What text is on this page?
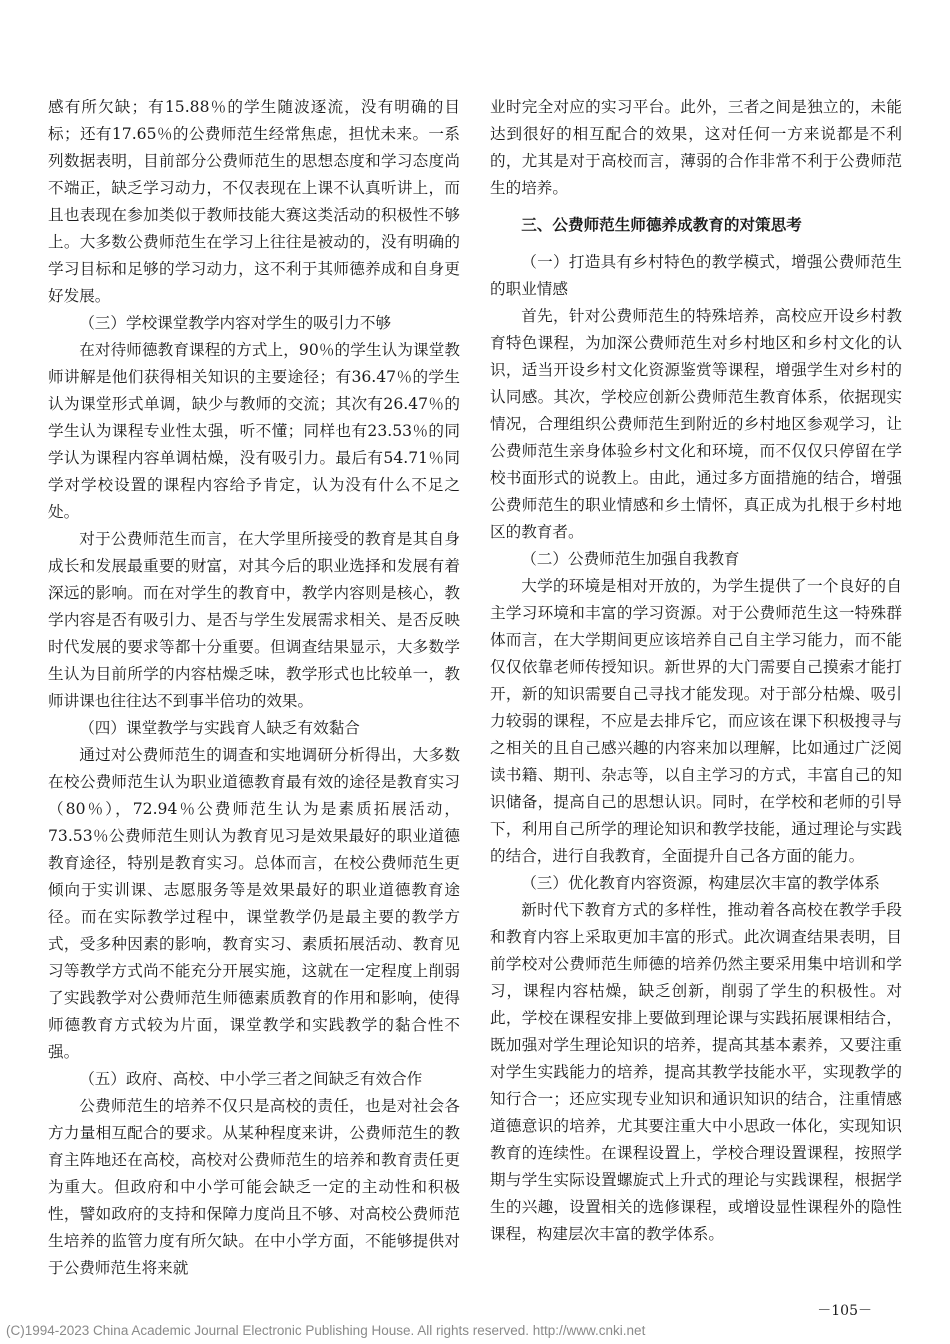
感有所欠缺；有15.88％的学生随波逐流，没有明确的目标；还有17.65％的公费师范生经常焦虑，担忧未来。一系列数据表明，目前部分公费师范生的思想态度和学习态度尚不端正，缺乏学习动力，不仅表现在上课不认真听讲上，而且也表现在参加类似于教师技能大赛这类活动的积极性不够上。大多数公费师范生在学习上往往是被动的，没有明确的学习目标和足够的学习动力，这不利于其师德养成和自身更好发展。

（三）学校课堂教学内容对学生的吸引力不够

在对待师德教育课程的方式上，90％的学生认为课堂教师讲解是他们获得相关知识的主要途径；有36.47％的学生认为课堂形式单调，缺少与教师的交流；其次有26.47％的学生认为课程专业性太强，听不懂；同样也有23.53％的同学认为课程内容单调枯燥，没有吸引力。最后有54.71％同学对学校设置的课程内容给予肯定，认为没有什么不足之处。

对于公费师范生而言，在大学里所接受的教育是其自身成长和发展最重要的财富，对其今后的职业选择和发展有着深远的影响。而在对学生的教育中，教学内容则是核心，教学内容是否有吸引力、是否与学生发展需求相关、是否反映时代发展的要求等都十分重要。但调查结果显示，大多数学生认为目前所学的内容枯燥乏味，教学形式也比较单一，教师讲课也往往达不到事半倍功的效果。

（四）课堂教学与实践育人缺乏有效黏合

通过对公费师范生的调查和实地调研分析得出，大多数在校公费师范生认为职业道德教育最有效的途径是教育实习（80％），72.94％公费师范生认为是素质拓展活动，73.53％公费师范生则认为教育见习是效果最好的职业道德教育途径，特别是教育实习。总体而言，在校公费师范生更倾向于实训课、志愿服务等是效果最好的职业道德教育途径。而在实际教学过程中，课堂教学仍是最主要的教学方式，受多种因素的影响，教育实习、素质拓展活动、教育见习等教学方式尚不能充分开展实施，这就在一定程度上削弱了实践教学对公费师范生师德素质教育的作用和影响，使得师德教育方式较为片面，课堂教学和实践教学的黏合性不强。

（五）政府、高校、中小学三者之间缺乏有效合作

公费师范生的培养不仅只是高校的责任，也是对社会各方力量相互配合的要求。从某种程度来讲，公费师范生的教育主阵地还在高校，高校对公费师范生的培养和教育责任更为重大。但政府和中小学可能会缺乏一定的主动性和积极性，譬如政府的支持和保障力度尚且不够、对高校公费师范生培养的监管力度有所欠缺。在中小学方面，不能够提供对于公费师范生将来就

业时完全对应的实习平台。此外，三者之间是独立的，未能达到很好的相互配合的效果，这对任何一方来说都是不利的，尤其是对于高校而言，薄弱的合作非常不利于公费师范生的培养。

三、公费师范生师德养成教育的对策思考
（一）打造具有乡村特色的教学模式，增强公费师范生的职业情感

首先，针对公费师范生的特殊培养，高校应开设乡村教育特色课程，为加深公费师范生对乡村地区和乡村文化的认识，适当开设乡村文化资源鉴赏等课程，增强学生对乡村的认同感。其次，学校应创新公费师范生教育体系，依据现实情况，合理组织公费师范生到附近的乡村地区参观学习，让公费师范生亲身体验乡村文化和环境，而不仅仅只停留在学校书面形式的说教上。由此，通过多方面措施的结合，增强公费师范生的职业情感和乡土情怀，真正成为扎根于乡村地区的教育者。

（二）公费师范生加强自我教育

大学的环境是相对开放的，为学生提供了一个良好的自主学习环境和丰富的学习资源。对于公费师范生这一特殊群体而言，在大学期间更应该培养自己自主学习能力，而不能仅仅依靠老师传授知识。新世界的大门需要自己摸索才能打开，新的知识需要自己寻找才能发现。对于部分枯燥、吸引力较弱的课程，不应是去排斥它，而应该在课下积极搜寻与之相关的且自己感兴趣的内容来加以理解，比如通过广泛阅读书籍、期刊、杂志等，以自主学习的方式，丰富自己的知识储备，提高自己的思想认识。同时，在学校和老师的引导下，利用自己所学的理论知识和教学技能，通过理论与实践的结合，进行自我教育，全面提升自己各方面的能力。

（三）优化教育内容资源，构建层次丰富的教学体系

新时代下教育方式的多样性，推动着各高校在教学手段和教育内容上采取更加丰富的形式。此次调查结果表明，目前学校对公费师范生师德的培养仍然主要采用集中培训和学习，课程内容枯燥，缺乏创新，削弱了学生的积极性。对此，学校在课程安排上要做到理论课与实践拓展课相结合，既加强对学生理论知识的培养，提高其基本素养，又要注重对学生实践能力的培养，提高其教学技能水平，实现教学的知行合一；还应实现专业知识和通识知识的结合，注重情感道德意识的培养，尤其要注重大中小思政一体化，实现知识教育的连续性。在课程设置上，学校合理设置课程，按照学期与学生实际设置螺旋式上升式的理论与实践课程，根据学生的兴趣，设置相关的选修课程，或增设显性课程外的隐性课程，构建层次丰富的教学体系。

－105－
(C)1994-2023 China Academic Journal Electronic Publishing House. All rights reserved. http://www.cnki.net
